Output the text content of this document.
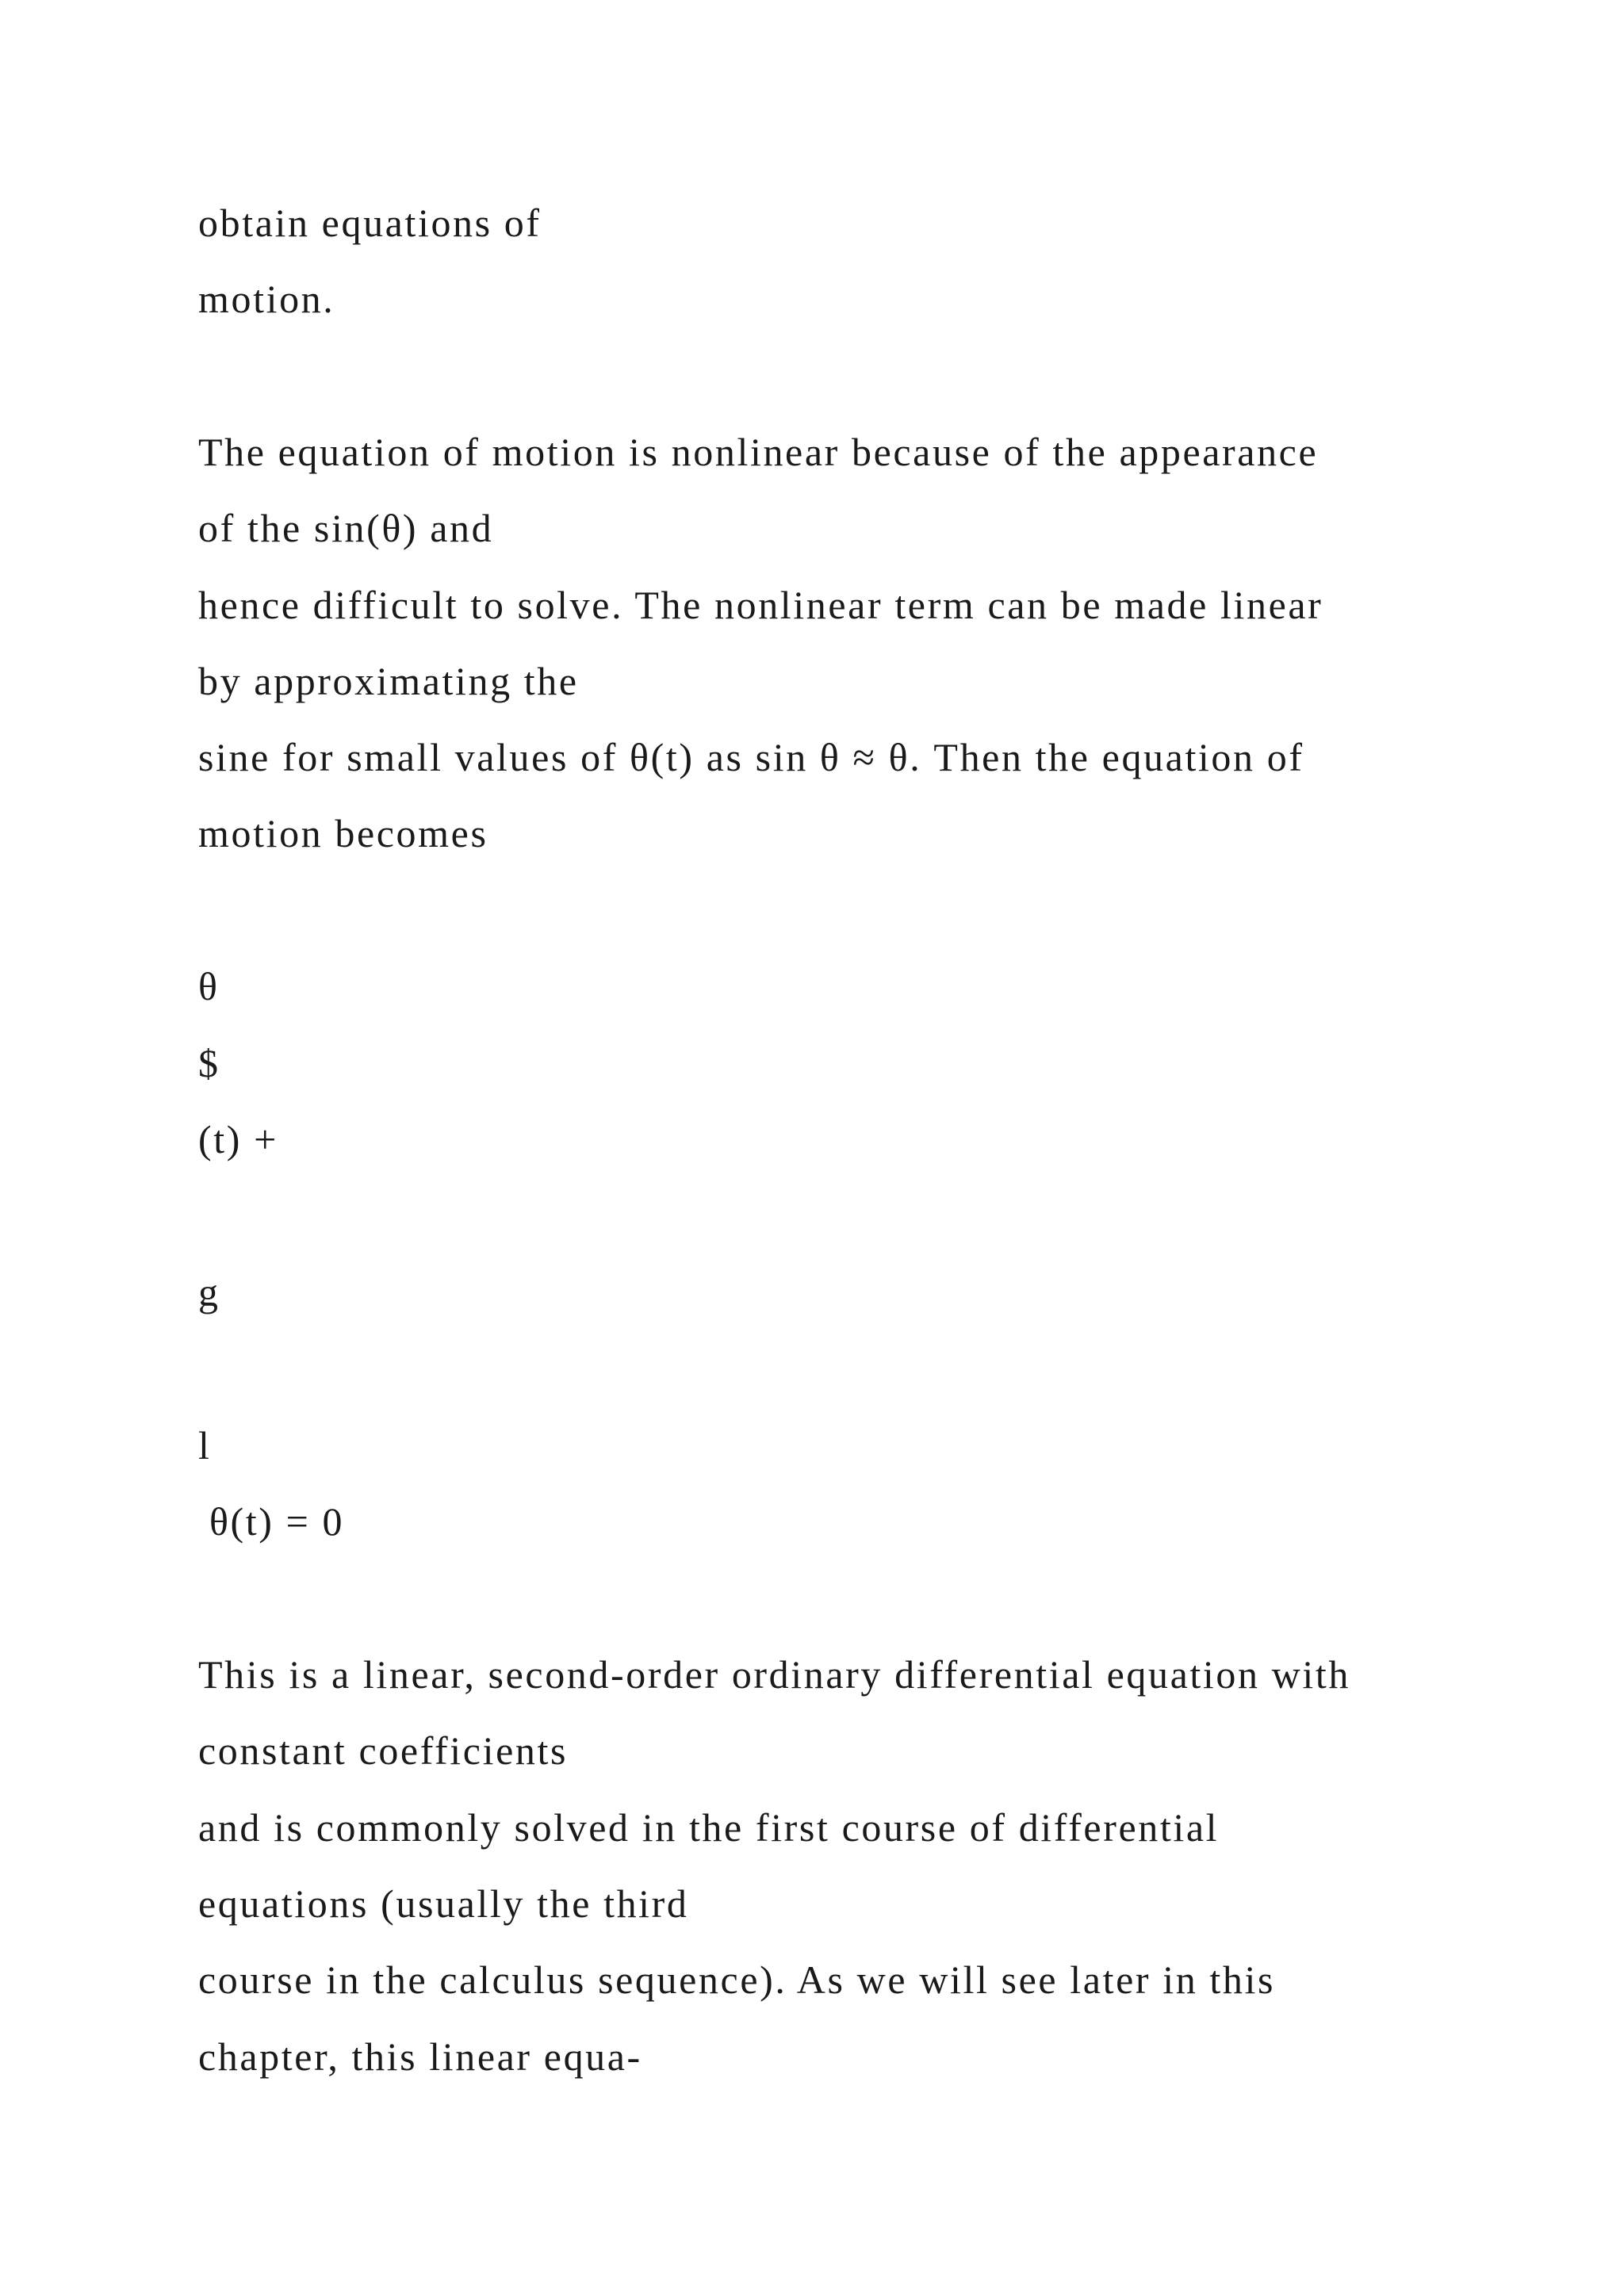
obtain equations of
motion.
The equation of motion is nonlinear because of the appearance
of the sin(θ) and
hence difficult to solve. The nonlinear term can be made linear
by approximating the
sine for small values of θ(t) as sin θ ≈ θ. Then the equation of
motion becomes
θ
$
(t) +
g
l
θ(t) = 0
This is a linear, second-order ordinary differential equation with
constant coefficients
and is commonly solved in the first course of differential
equations (usually the third
course in the calculus sequence). As we will see later in this
chapter, this linear equa-
